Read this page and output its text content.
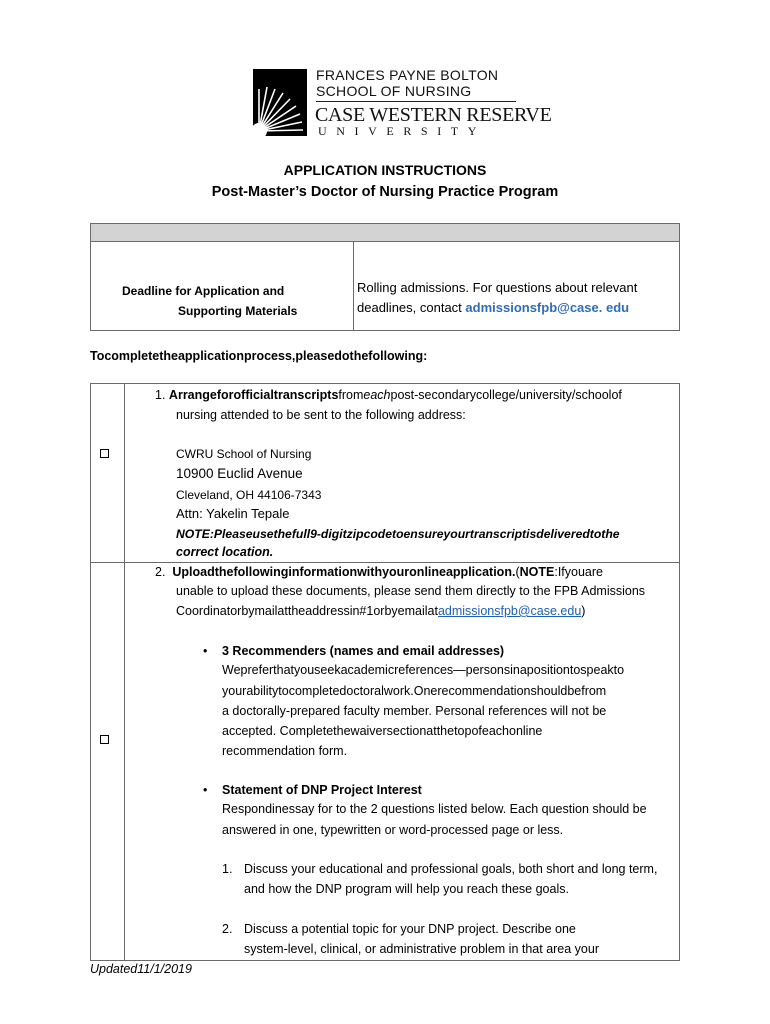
FRANCES PAYNE BOLTON
SCHOOL OF NURSING
CASE WESTERN RESERVE
UNIVERSITY
APPLICATION INSTRUCTIONS
Post-Master’s Doctor of Nursing Practice Program
Deadline for Application and
Supporting Materials
Rolling admissions. For questions about relevant
deadlines, contact admissionsfpb@case. edu
Tocompletetheapplicationprocess,pleasedothefollowing:
1. Arrangeforofficialtranscriptsfromeachpost-secondarycollege/university/schoolof
nursing attended to be sent to the following address:
CWRU School of Nursing
10900 Euclid Avenue
Cleveland, OH 44106-7343
Attn: Yakelin Tepale
NOTE:Pleaseusethefull9-digitzipcodetoensureyourtranscriptisdeliveredtothe
correct location.
2. Uploadthefollowinginformationwithyouronlineapplication.(NOTE:Ifyouare
unable to upload these documents, please send them directly to the FPB Admissions
Coordinatorbymailattheaddressin#1orbyemailatadmissionsfpb@case.edu)
• 3 Recommenders (names and email addresses)
Wepreferthatyouseekacademicreferences—personsinapositiontospeakto
yourabilitytocompletedoctoralwork.Onerecommendationshouldbefrom
a doctorally-prepared faculty member. Personal references will not be
accepted. Completethewaiversectionatthetopofeachonline
recommendation form.
• Statement of DNP Project Interest
Respondinessay for to the 2 questions listed below. Each question should be
answered in one, typewritten or word-processed page or less.
1. Discuss your educational and professional goals, both short and long term,
and how the DNP program will help you reach these goals.
2. Discuss a potential topic for your DNP project. Describe one
system-level, clinical, or administrative problem in that area your
Updated11/1/2019
